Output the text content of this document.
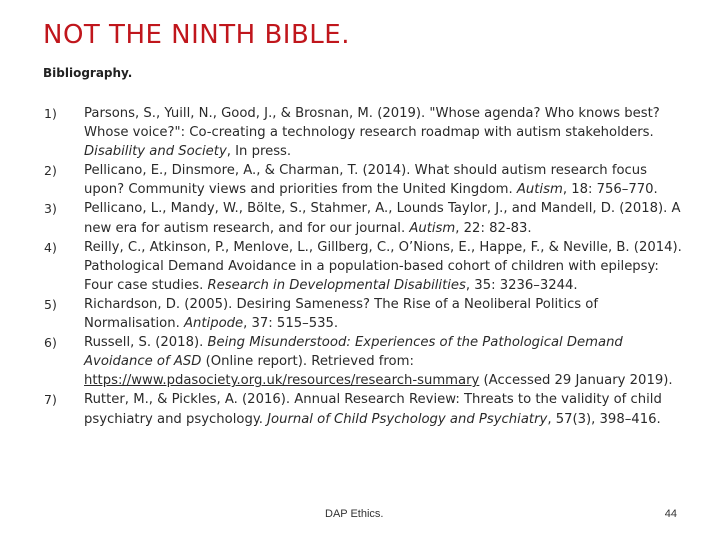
NOT THE NINTH BIBLE.
Bibliography.
1) Parsons, S., Yuill, N., Good, J., & Brosnan, M. (2019). "Whose agenda? Who knows best? Whose voice?": Co-creating a technology research roadmap with autism stakeholders. Disability and Society, In press.
2) Pellicano, E., Dinsmore, A., & Charman, T. (2014). What should autism research focus upon? Community views and priorities from the United Kingdom. Autism, 18: 756–770.
3) Pellicano, L., Mandy, W., Bölte, S., Stahmer, A., Lounds Taylor, J., and Mandell, D. (2018). A new era for autism research, and for our journal. Autism, 22: 82-83.
4) Reilly, C., Atkinson, P., Menlove, L., Gillberg, C., O’Nions, E., Happe, F., & Neville, B. (2014). Pathological Demand Avoidance in a population-based cohort of children with epilepsy: Four case studies. Research in Developmental Disabilities, 35: 3236–3244.
5) Richardson, D. (2005). Desiring Sameness? The Rise of a Neoliberal Politics of Normalisation. Antipode, 37: 515–535.
6) Russell, S. (2018). Being Misunderstood: Experiences of the Pathological Demand Avoidance of ASD (Online report). Retrieved from: https://www.pdasociety.org.uk/resources/research-summary (Accessed 29 January 2019).
7) Rutter, M., & Pickles, A. (2016). Annual Research Review: Threats to the validity of child psychiatry and psychology. Journal of Child Psychology and Psychiatry, 57(3), 398–416.
DAP Ethics.	44
